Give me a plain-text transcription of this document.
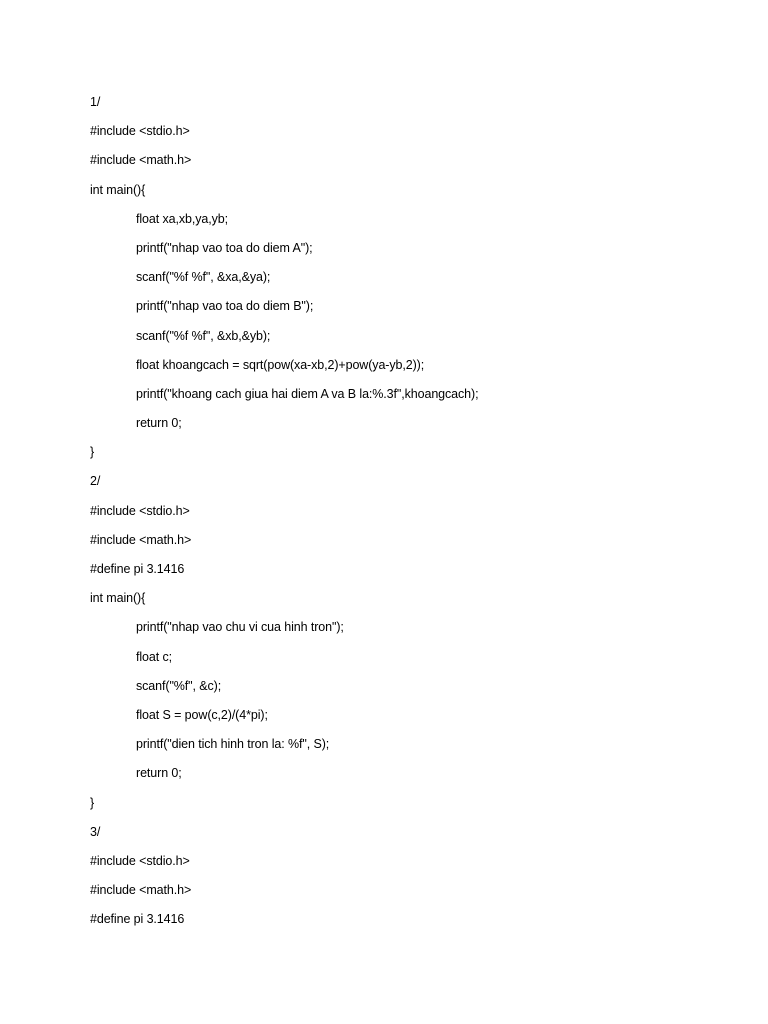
1/
#include <stdio.h>
#include <math.h>
int main(){
float xa,xb,ya,yb;
printf("nhap vao toa do diem A");
scanf("%f %f", &xa,&ya);
printf("nhap vao toa do diem B");
scanf("%f %f", &xb,&yb);
float khoangcach = sqrt(pow(xa-xb,2)+pow(ya-yb,2));
printf("khoang cach giua hai diem A va B la:%.3f",khoangcach);
return 0;
}
2/
#include <stdio.h>
#include <math.h>
#define pi 3.1416
int main(){
printf("nhap vao chu vi cua hinh tron");
float c;
scanf("%f", &c);
float S = pow(c,2)/(4*pi);
printf("dien tich hinh tron la: %f", S);
return 0;
}
3/
#include <stdio.h>
#include <math.h>
#define pi 3.1416
